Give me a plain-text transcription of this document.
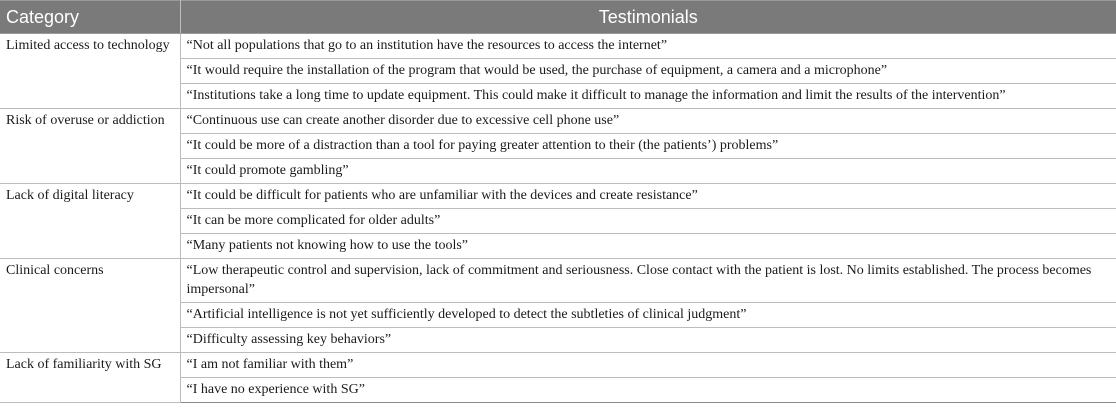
Category	Testimonials
Limited access to technology	“Not all populations that go to an institution have the resources to access the internet”
	“It would require the installation of the program that would be used, the purchase of equipment, a camera and a microphone”
	“Institutions take a long time to update equipment. This could make it difficult to manage the information and limit the results of the intervention”
Risk of overuse or addiction	“Continuous use can create another disorder due to excessive cell phone use”
	“It could be more of a distraction than a tool for paying greater attention to their (the patients’) problems”
	“It could promote gambling”
Lack of digital literacy	“It could be difficult for patients who are unfamiliar with the devices and create resistance”
	“It can be more complicated for older adults”
	“Many patients not knowing how to use the tools”
Clinical concerns	“Low therapeutic control and supervision, lack of commitment and seriousness. Close contact with the patient is lost. No limits established. The process becomes impersonal”
	“Artificial intelligence is not yet sufficiently developed to detect the subtleties of clinical judgment”
	“Difficulty assessing key behaviors”
Lack of familiarity with SG	“I am not familiar with them”
	“I have no experience with SG”
